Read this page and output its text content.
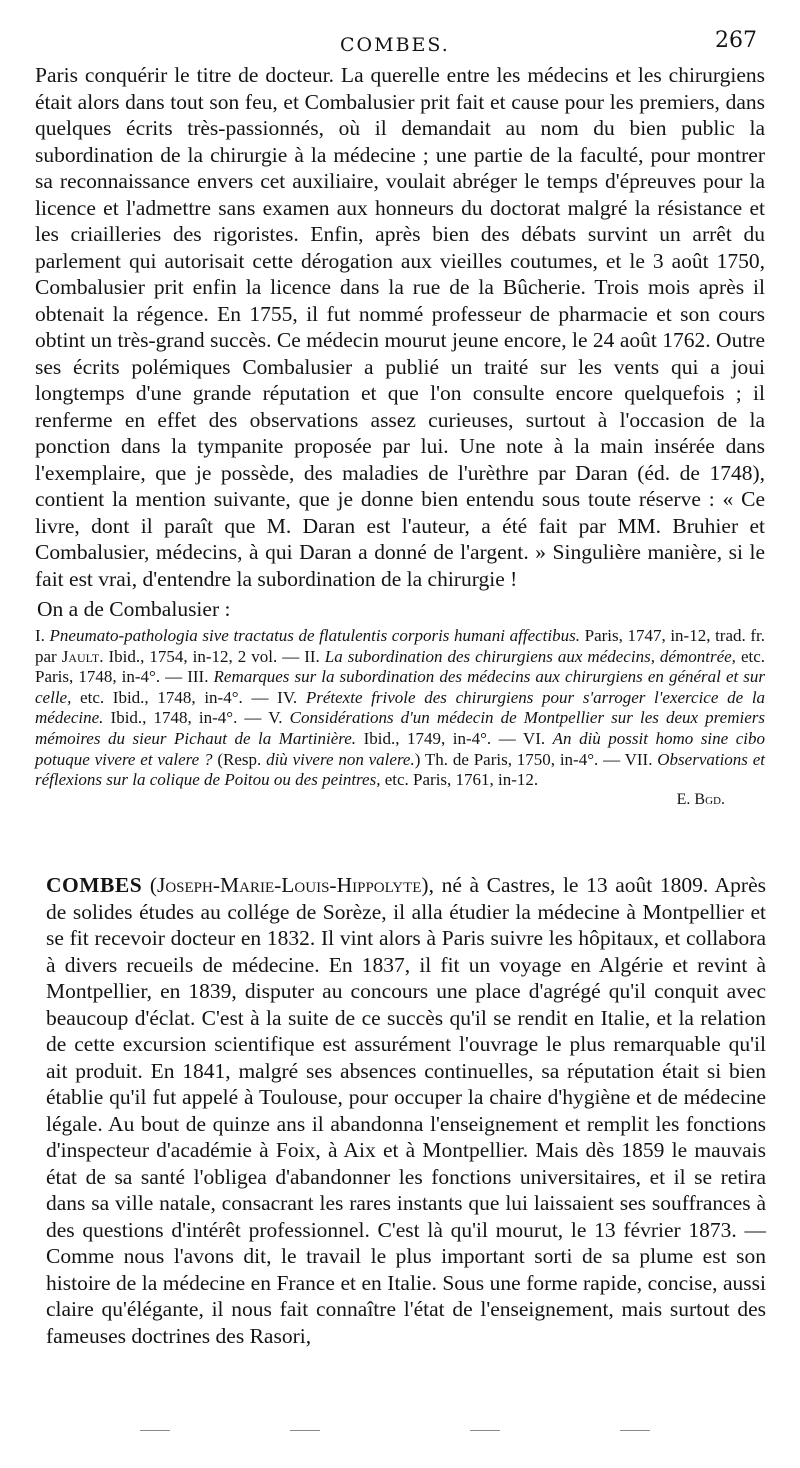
COMBES.	267

Paris conquérir le titre de docteur. La querelle entre les médecins et les chirurgiens était alors dans tout son feu, et Combalusier prit fait et cause pour les premiers, dans quelques écrits très-passionnés, où il demandait au nom du bien public la subordination de la chirurgie à la médecine ; une partie de la faculté, pour montrer sa reconnaissance envers cet auxiliaire, voulait abréger le temps d'épreuves pour la licence et l'admettre sans examen aux honneurs du doctorat malgré la résistance et les criailleries des rigoristes. Enfin, après bien des débats survint un arrêt du parlement qui autorisait cette dérogation aux vieilles coutumes, et le 3 août 1750, Combalusier prit enfin la licence dans la rue de la Bûcherie. Trois mois après il obtenait la régence. En 1755, il fut nommé professeur de pharmacie et son cours obtint un très-grand succès. Ce médecin mourut jeune encore, le 24 août 1762. Outre ses écrits polémiques Combalusier a publié un traité sur les vents qui a joui longtemps d'une grande réputation et que l'on consulte encore quelquefois ; il renferme en effet des observations assez curieuses, surtout à l'occasion de la ponction dans la tympanite proposée par lui. Une note à la main insérée dans l'exemplaire, que je possède, des maladies de l'urèthre par Daran (éd. de 1748), contient la mention suivante, que je donne bien entendu sous toute réserve : « Ce livre, dont il paraît que M. Daran est l'auteur, a été fait par MM. Bruhier et Combalusier, médecins, à qui Daran a donné de l'argent. » Singulière manière, si le fait est vrai, d'entendre la subordination de la chirurgie !

On a de Combalusier :

I. Pneumato-pathologia sive tractatus de flatulentis corporis humani affectibus. Paris, 1747, in-12, trad. fr. par Jault. Ibid., 1754, in-12, 2 vol. — II. La subordination des chirurgiens aux médecins, démontrée, etc. Paris, 1748, in-4°. — III. Remarques sur la subordination des médecins aux chirurgiens en général et sur celle, etc. Ibid., 1748, in-4°. — IV. Prétexte frivole des chirurgiens pour s'arroger l'exercice de la médecine. Ibid., 1748, in-4°. — V. Considérations d'un médecin de Montpellier sur les deux premiers mémoires du sieur Pichaut de la Martinière. Ibid., 1749, in-4°. — VI. An diù possit homo sine cibo potuque vivere et valere ? (Resp. diù vivere non valere.) Th. de Paris, 1750, in-4°. — VII. Observations et réflexions sur la colique de Poitou ou des peintres, etc. Paris, 1761, in-12.

E. Bgd.

COMBES (Joseph-Marie-Louis-Hippolyte), né à Castres, le 13 août 1809. Après de solides études au collége de Sorèze, il alla étudier la médecine à Montpellier et se fit recevoir docteur en 1832. Il vint alors à Paris suivre les hôpitaux, et collabora à divers recueils de médecine. En 1837, il fit un voyage en Algérie et revint à Montpellier, en 1839, disputer au concours une place d'agrégé qu'il conquit avec beaucoup d'éclat. C'est à la suite de ce succès qu'il se rendit en Italie, et la relation de cette excursion scientifique est assurément l'ouvrage le plus remarquable qu'il ait produit. En 1841, malgré ses absences continuelles, sa réputation était si bien établie qu'il fut appelé à Toulouse, pour occuper la chaire d'hygiène et de médecine légale. Au bout de quinze ans il abandonna l'enseignement et remplit les fonctions d'inspecteur d'académie à Foix, à Aix et à Montpellier. Mais dès 1859 le mauvais état de sa santé l'obligea d'abandonner les fonctions universitaires, et il se retira dans sa ville natale, consacrant les rares instants que lui laissaient ses souffrances à des questions d'intérêt professionnel. C'est là qu'il mourut, le 13 février 1873. — Comme nous l'avons dit, le travail le plus important sorti de sa plume est son histoire de la médecine en France et en Italie. Sous une forme rapide, concise, aussi claire qu'élégante, il nous fait connaître l'état de l'enseignement, mais surtout des fameuses doctrines des Rasori,
